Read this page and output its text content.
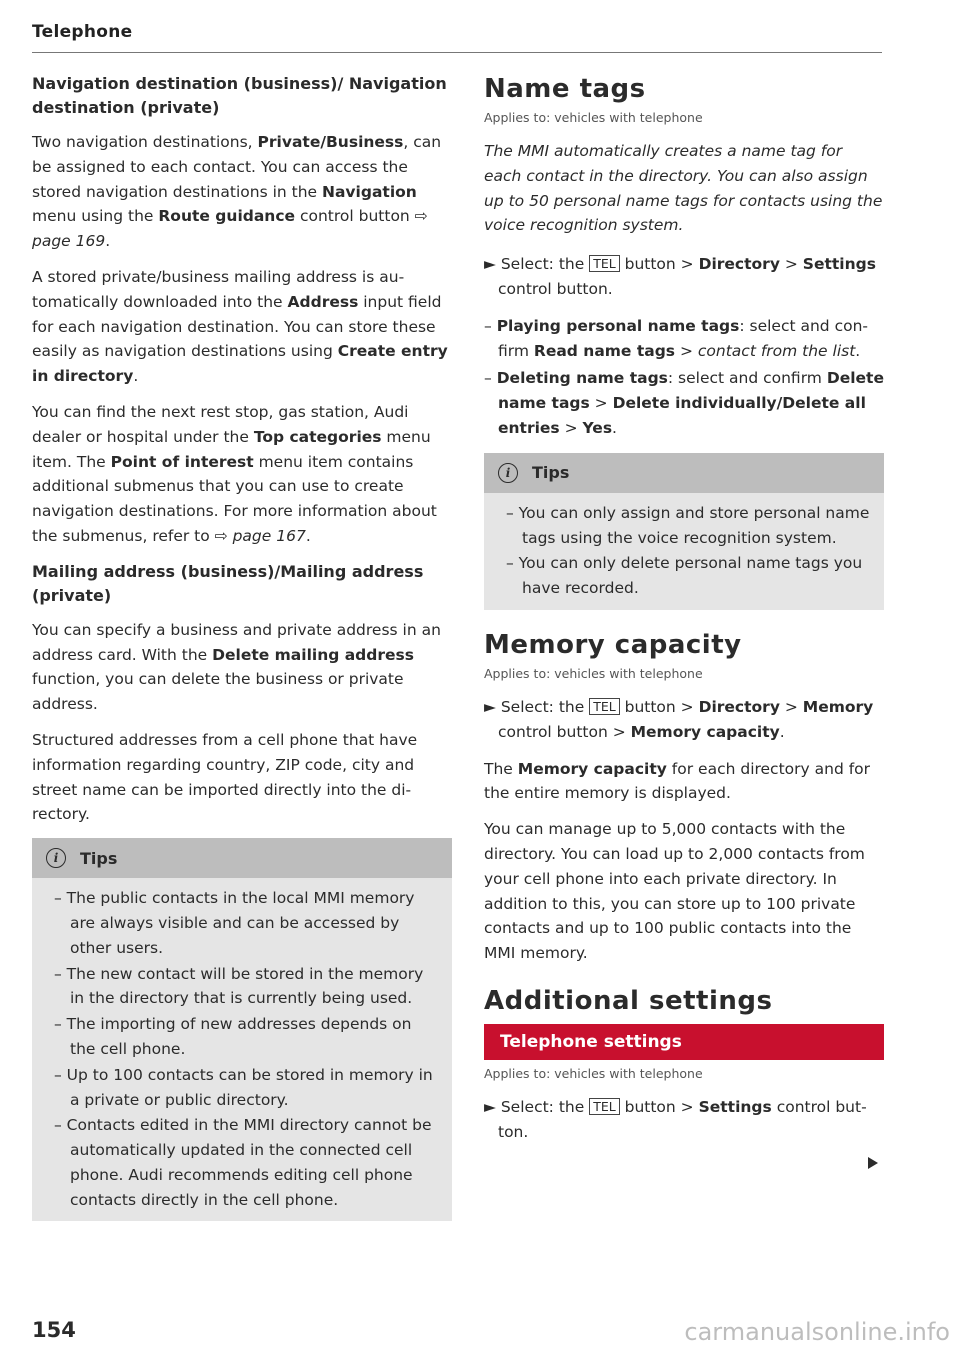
Telephone
Navigation destination (business)/ Navigation destination (private)

Two navigation destinations, Private/Business, can be assigned to each contact. You can access the stored navigation destinations in the Navigation menu using the Route guidance control button ⇨ page 169.

A stored private/business mailing address is automatically downloaded into the Address input field for each navigation destination. You can store these easily as navigation destinations using Create entry in directory.

You can find the next rest stop, gas station, Audi dealer or hospital under the Top categories menu item. The Point of interest menu item contains additional submenus that you can use to create navigation destinations. For more information about the submenus, refer to ⇨ page 167.

Mailing address (business)/Mailing address (private)

You can specify a business and private address in an address card. With the Delete mailing address function, you can delete the business or private address.

Structured addresses from a cell phone that have information regarding country, ZIP code, city and street name can be imported directly into the directory.

i	Tips
– The public contacts in the local MMI memory are always visible and can be accessed by other users.
– The new contact will be stored in the memory in the directory that is currently being used.
– The importing of new addresses depends on the cell phone.
– Up to 100 contacts can be stored in memory in a private or public directory.
– Contacts edited in the MMI directory cannot be automatically updated in the connected cell phone. Audi recommends editing cell phone contacts directly in the cell phone.
Name tags
Applies to: vehicles with telephone

The MMI automatically creates a name tag for each contact in the directory. You can also assign up to 50 personal name tags for contacts using the voice recognition system.

► Select: the TEL button > Directory > Settings control button.
– Playing personal name tags: select and confirm Read name tags > contact from the list.
– Deleting name tags: select and confirm Delete name tags > Delete individually/Delete all entries > Yes.
i	Tips
– You can only assign and store personal name tags using the voice recognition system.
– You can only delete personal name tags you have recorded.
Memory capacity
Applies to: vehicles with telephone
► Select: the TEL button > Directory > Memory control button > Memory capacity.

The Memory capacity for each directory and for the entire memory is displayed.

You can manage up to 5,000 contacts with the directory. You can load up to 2,000 contacts from your cell phone into each private directory. In addition to this, you can store up to 100 private contacts and up to 100 public contacts into the MMI memory.

Additional settings
Telephone settings
Applies to: vehicles with telephone
► Select: the TEL button > Settings control button.
154	carmanualsonline.info
